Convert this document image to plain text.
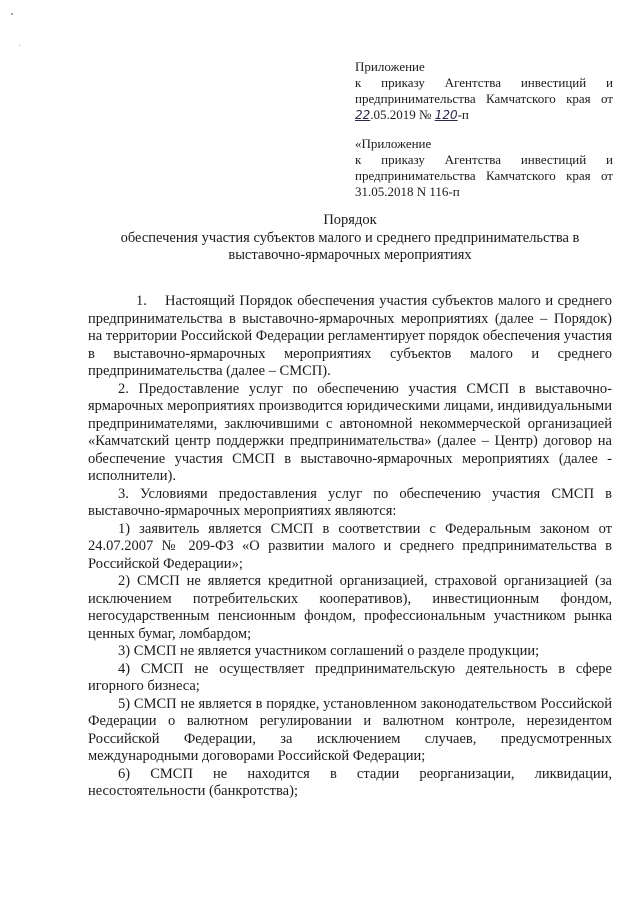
Приложение
к приказу Агентства инвестиций и
предпринимательства Камчатского края от
22.05.2019 № 120-п
«Приложение
к приказу Агентства инвестиций и
предпринимательства Камчатского края от
31.05.2018 N 116-п
Порядок
обеспечения участия субъектов малого и среднего предпринимательства в
выставочно-ярмарочных мероприятиях

1.    Настоящий Порядок обеспечения участия субъектов малого и среднего предпринимательства в выставочно-ярмарочных мероприятиях (далее – Порядок) на территории Российской Федерации регламентирует порядок обеспечения участия в выставочно-ярмарочных мероприятиях субъектов малого и среднего предпринимательства (далее – СМСП).

2. Предоставление услуг по обеспечению участия СМСП в выставочно-ярмарочных мероприятиях производится юридическими лицами, индивидуальными предпринимателями, заключившими с автономной некоммерческой организацией «Камчатский центр поддержки предпринимательства» (далее – Центр) договор на обеспечение участия СМСП в выставочно-ярмарочных мероприятиях (далее - исполнители).

3. Условиями предоставления услуг по обеспечению участия СМСП в выставочно-ярмарочных мероприятиях являются:

1) заявитель является СМСП в соответствии с Федеральным законом от 24.07.2007 № 209-ФЗ «О развитии малого и среднего предпринимательства в Российской Федерации»;

2) СМСП не является кредитной организацией, страховой организацией (за исключением потребительских кооперативов), инвестиционным фондом, негосударственным пенсионным фондом, профессиональным участником рынка ценных бумаг, ломбардом;

3) СМСП не является участником соглашений о разделе продукции;

4) СМСП не осуществляет предпринимательскую деятельность в сфере игорного бизнеса;

5) СМСП не является в порядке, установленном законодательством Российской Федерации о валютном регулировании и валютном контроле, нерезидентом Российской Федерации, за исключением случаев, предусмотренных международными договорами Российской Федерации;

6) СМСП не находится в стадии реорганизации, ликвидации, несостоятельности (банкротства);
